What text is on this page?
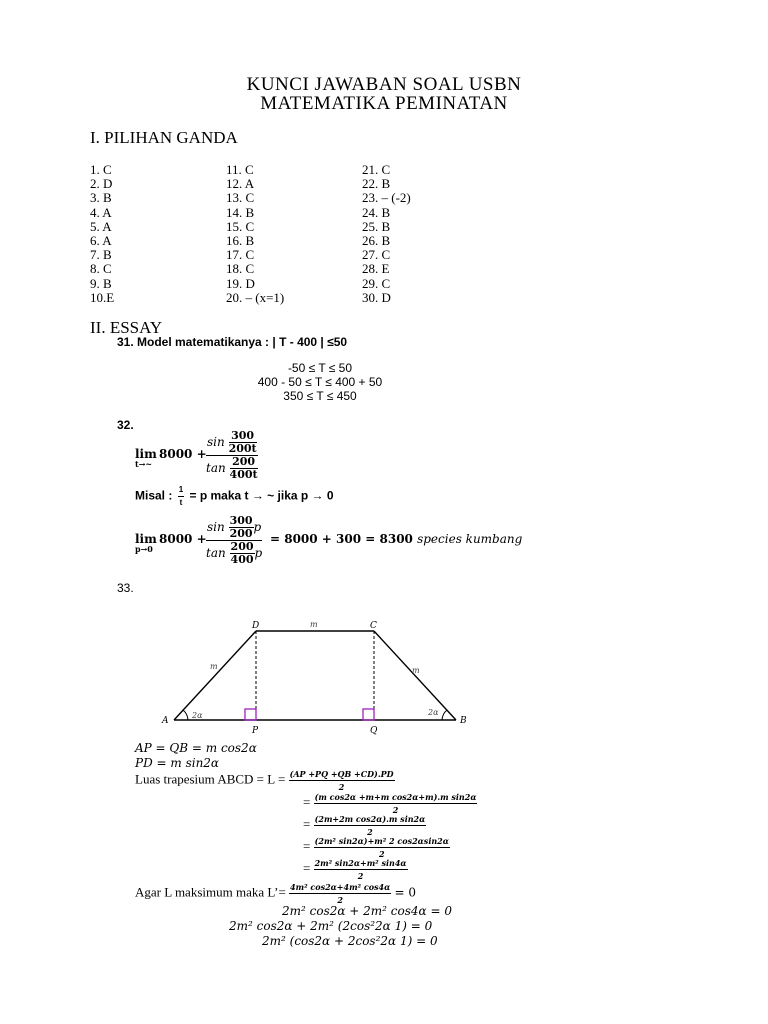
KUNCI JAWABAN SOAL USBN
MATEMATIKA PEMINATAN
I. PILIHAN GANDA
1. C
2. D
3. B
4. A
5. A
6. A
7. B
8. C
9. B
10.E
11. C
12. A
13. C
14. B
15. C
16. B
17. C
18. C
19. D
20. – (x=1)
21. C
22. B
23. – (-2)
24. B
25. B
26. B
27. C
28. E
29. C
30. D
II. ESSAY
31. Model matematikanya : | T - 400 | ≤50
-50 ≤ T ≤ 50
400 - 50 ≤ T ≤ 400 + 50
350 ≤ T ≤ 450
32.
lim
t→~
$8000 + \frac{\sin \frac{300}{200t}}{\tan \frac{200}{400t}}$
Misal : $\frac{1}{t} = p$ maka t → ~ jika p → 0
lim
p→0
$8000 + \frac{\sin \frac{300}{200} p}{\tan \frac{200}{400} p} = 8000 + 300 = 8300$ species kumbang
33.
A	B
D	C
P	Q
m
m	m
2α	2α
AP = QB = m cos2α
PD = m sin2α
Luas trapesium ABCD = $L = \frac{(AP +PQ +QB +CD).PD}{2}$
= $\frac{\text{(m cos2α +m+m cos2α+m).m sin2α}}{2}$
= $\frac{\text{(2m+2m cos2α).m sin2α}}{2}$
= $\frac{\text{(2m² sin2α)+m² 2 cos2αsin2α}}{2}$
= $\frac{\text{2m² sin2α+m² sin4α}}{2}$
Agar L maksimum maka L’= $\frac{\text{4m² cos2α+4m² cos4α}}{2} = 0$
2m² cos2α + 2m² cos4α = 0
2m² cos2α + 2m² (2cos²2α 1) = 0
2m² (cos2α + 2cos²2α 1) = 0
